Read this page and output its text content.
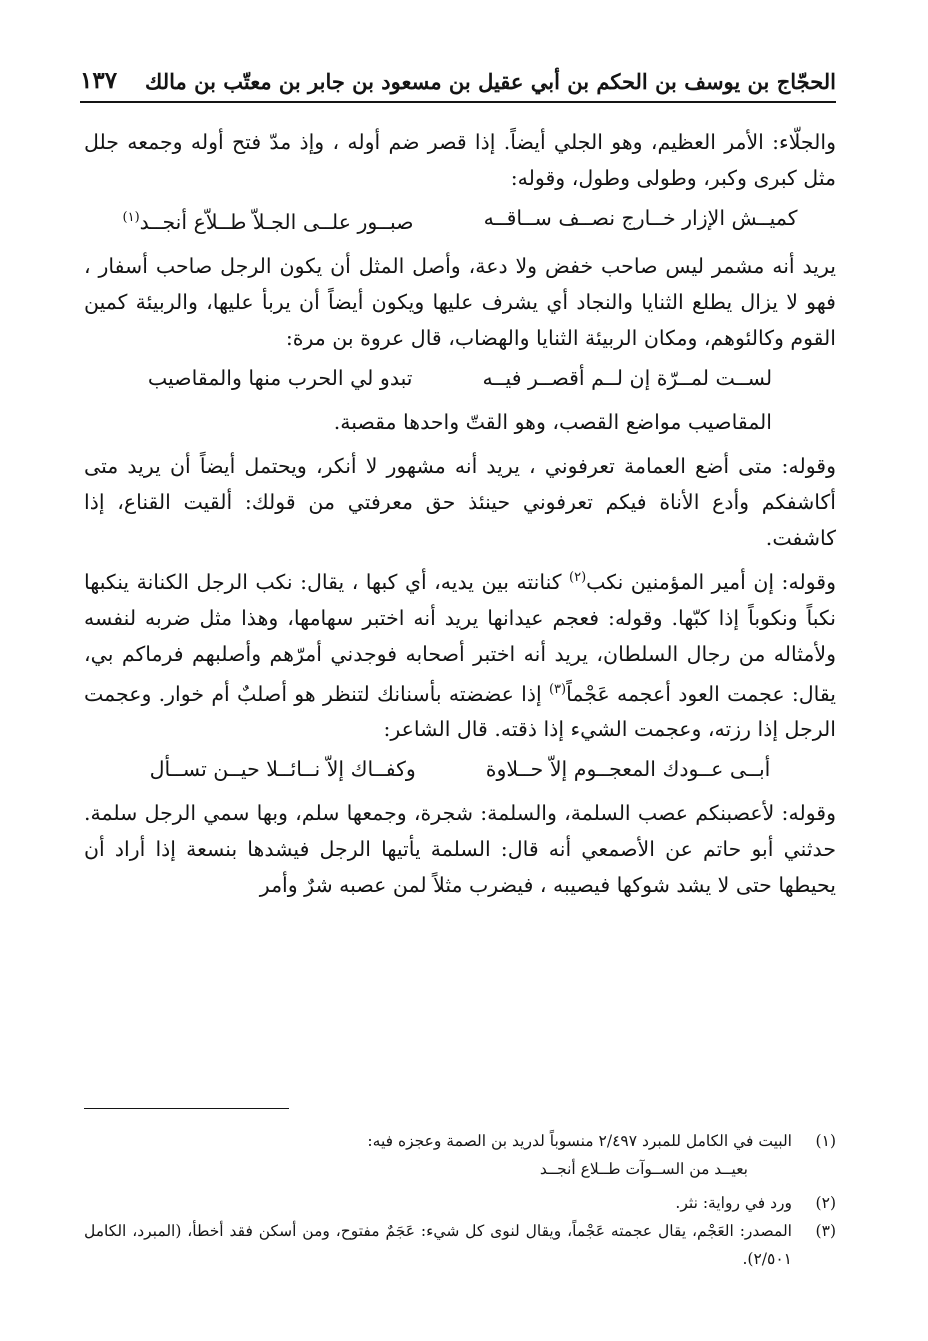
الحجّاج بن يوسف بن الحكم بن أبي عقيل بن مسعود بن جابر بن معتّب بن مالك
١٣٧

والجلّاء: الأمر العظيم، وهو الجلي أيضاً. إذا قصر ضم أوله ، وإذ مدّ فتح أوله وجمعه جلل مثل كبرى وكبر، وطولى وطول، وقوله:

كميــش الإزار خــارج نصــف ســاقــه
صبــور علــى الجـلاّ طــلاّع أنجــد$^{(١)}$

يريد أنه مشمر ليس صاحب خفض ولا دعة، وأصل المثل أن يكون الرجل صاحب أسفار ، فهو لا يزال يطلع الثنايا والنجاد أي يشرف عليها ويكون أيضاً أن يربأ عليها، والربيئة كمين القوم وكالئوهم، ومكان الربيئة الثنايا والهضاب، قال عروة بن مرة:

لســت لمــرّة إن لــم أقصــر فيــه
تبدو لي الحرب منها والمقاصيب

المقاصيب مواضع القصب، وهو القتّ واحدها مقصبة.

وقوله: متى أضع العمامة تعرفوني ، يريد أنه مشهور لا أنكر، ويحتمل أيضاً أن يريد متى أكاشفكم وأدع الأناة فيكم تعرفوني حينئذ حق معرفتي من قولك: ألقيت القناع، إذا كاشفت.

وقوله: إن أمير المؤمنين نكب$^{(٢)}$ كنانته بين يديه، أي كبها ، يقال: نكب الرجل الكنانة ينكبها نكباً ونكوباً إذا كبّها. وقوله: فعجم عيدانها يريد أنه اختبر سهامها، وهذا مثل ضربه لنفسه ولأمثاله من رجال السلطان، يريد أنه اختبر أصحابه فوجدني أمرّهم وأصلبهم فرماكم بي، يقال: عجمت العود أعجمه عَجْماً$^{(٣)}$ إذا عضضته بأسنانك لتنظر هو أصلبٌ أم خوار. وعجمت الرجل إذا رزته، وعجمت الشيء إذا ذقته. قال الشاعر:

أبــى عــودك المعجــوم إلاّ حــلاوة
وكفــاك إلاّ نــائــلا حيــن تســأل

وقوله: لأعصبنكم عصب السلمة، والسلمة: شجرة، وجمعها سلم، وبها سمي الرجل سلمة. حدثني أبو حاتم عن الأصمعي أنه قال: السلمة يأتيها الرجل فيشدها بنسعة إذا أراد أن يحيطها حتى لا يشد شوكها فيصيبه ، فيضرب مثلاً لمن عصبه شرٌ وأمر

(١)
البيت في الكامل للمبرد ٢/٤٩٧ منسوباً لدريد بن الصمة وعجزه فيه:
بعيــد من الســوآت طــلاع أنجــد
(٢)
ورد في رواية: نثر.
(٣)
المصدر: العَجْم، يقال عجمته عَجْماً، ويقال لنوى كل شيء: عَجَمٌ مفتوح، ومن أسكن فقد أخطأ، (المبرد، الكامل ٢/٥٠١).
